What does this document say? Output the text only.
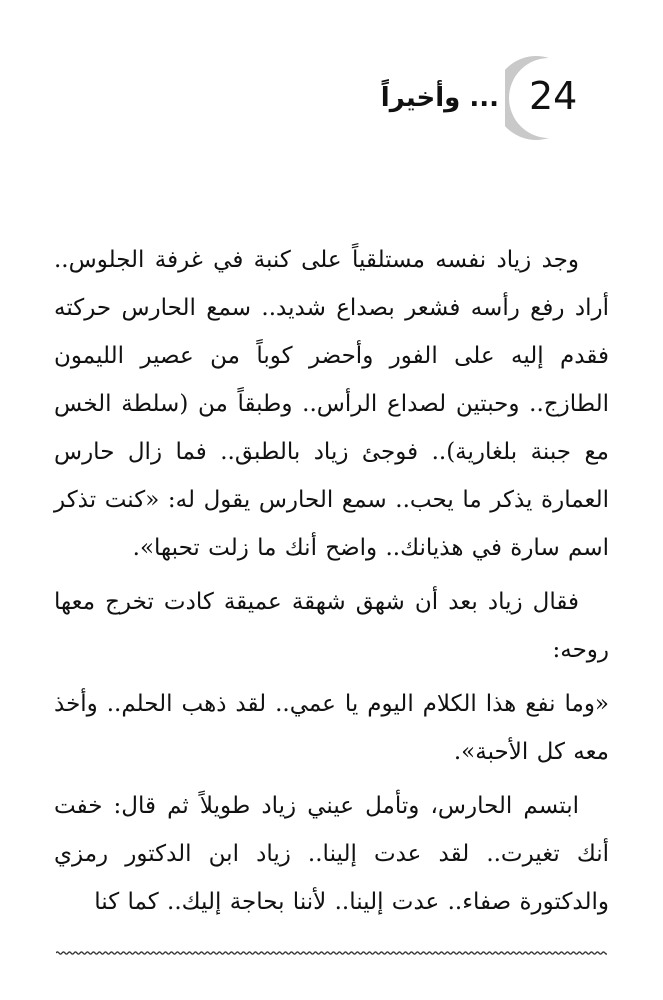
24
... وأخيراً

وجد زياد نفسه مستلقياً على كنبة في غرفة الجلوس.. أراد رفع رأسه فشعر بصداع شديد.. سمع الحارس حركته فقدم إليه على الفور وأحضر كوباً من عصير الليمون الطازج.. وحبتين لصداع الرأس.. وطبقاً من (سلطة الخس مع جبنة بلغارية).. فوجئ زياد بالطبق.. فما زال حارس العمارة يذكر ما يحب.. سمع الحارس يقول له: «كنت تذكر اسم سارة في هذيانك.. واضح أنك ما زلت تحبها».

فقال زياد بعد أن شهق شهقة عميقة كادت تخرج معها روحه:

«وما نفع هذا الكلام اليوم يا عمي.. لقد ذهب الحلم.. وأخذ معه كل الأحبة».

ابتسم الحارس، وتأمل عيني زياد طويلاً ثم قال: خفت أنك تغيرت.. لقد عدت إلينا.. زياد ابن الدكتور رمزي والدكتورة صفاء.. عدت إلينا.. لأننا بحاجة إليك.. كما كنا
